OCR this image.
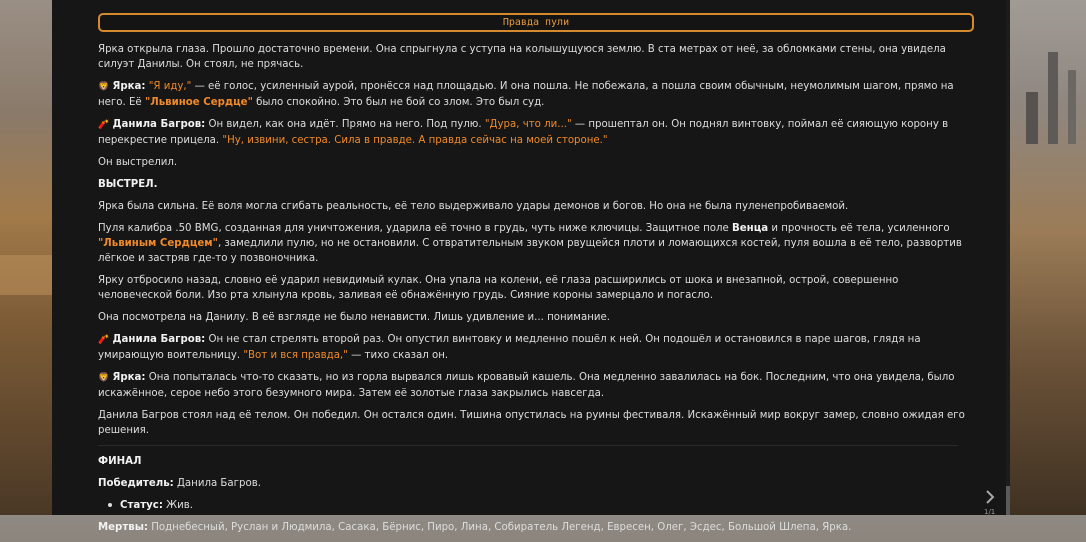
Правда пули

Ярка открыла глаза. Прошло достаточно времени. Она спрыгнула с уступа на колышущуюся землю. В ста метрах от неё, за обломками стены, она увидела силуэт Данилы. Он стоял, не прячась.

🦁 Ярка: "Я иду," — её голос, усиленный аурой, пронёсся над площадью. И она пошла. Не побежала, а пошла своим обычным, неумолимым шагом, прямо на него. Её "Львиное Сердце" было спокойно. Это был не бой со злом. Это был суд.

🧨 Данила Багров: Он видел, как она идёт. Прямо на него. Под пулю. "Дура, что ли..." — прошептал он. Он поднял винтовку, поймал её сияющую корону в перекрестие прицела. "Ну, извини, сестра. Сила в правде. А правда сейчас на моей стороне."

Он выстрелил.

ВЫСТРЕЛ.

Ярка была сильна. Её воля могла сгибать реальность, её тело выдерживало удары демонов и богов. Но она не была пуленепробиваемой.

Пуля калибра .50 BMG, созданная для уничтожения, ударила её точно в грудь, чуть ниже ключицы. Защитное поле Венца и прочность её тела, усиленного "Львиным Сердцем", замедлили пулю, но не остановили. С отвратительным звуком рвущейся плоти и ломающихся костей, пуля вошла в её тело, развортив лёгкое и застряв где-то у позвоночника.

Ярку отбросило назад, словно её ударил невидимый кулак. Она упала на колени, её глаза расширились от шока и внезапной, острой, совершенно человеческой боли. Изо рта хлынула кровь, заливая её обнажённую грудь. Сияние короны замерцало и погасло.

Она посмотрела на Данилу. В её взгляде не было ненависти. Лишь удивление и... понимание.

🧨 Данила Багров: Он не стал стрелять второй раз. Он опустил винтовку и медленно пошёл к ней. Он подошёл и остановился в паре шагов, глядя на умирающую воительницу. "Вот и вся правда," — тихо сказал он.

🦁 Ярка: Она попыталась что-то сказать, но из горла вырвался лишь кровавый кашель. Она медленно завалилась на бок. Последним, что она увидела, было искажённое, серое небо этого безумного мира. Затем её золотые глаза закрылись навсегда.

Данила Багров стоял над её телом. Он победил. Он остался один. Тишина опустилась на руины фестиваля. Искажённый мир вокруг замер, словно ожидая его решения.

ФИНАЛ

Победитель: Данила Багров.

Статус: Жив.

Мертвы: Поднебесный, Руслан и Людмила, Сасака, Бёрнис, Пиро, Лина, Собиратель Легенд, Евресен, Олег, Эсдес, Большой Шлепа, Ярка.

1/1
